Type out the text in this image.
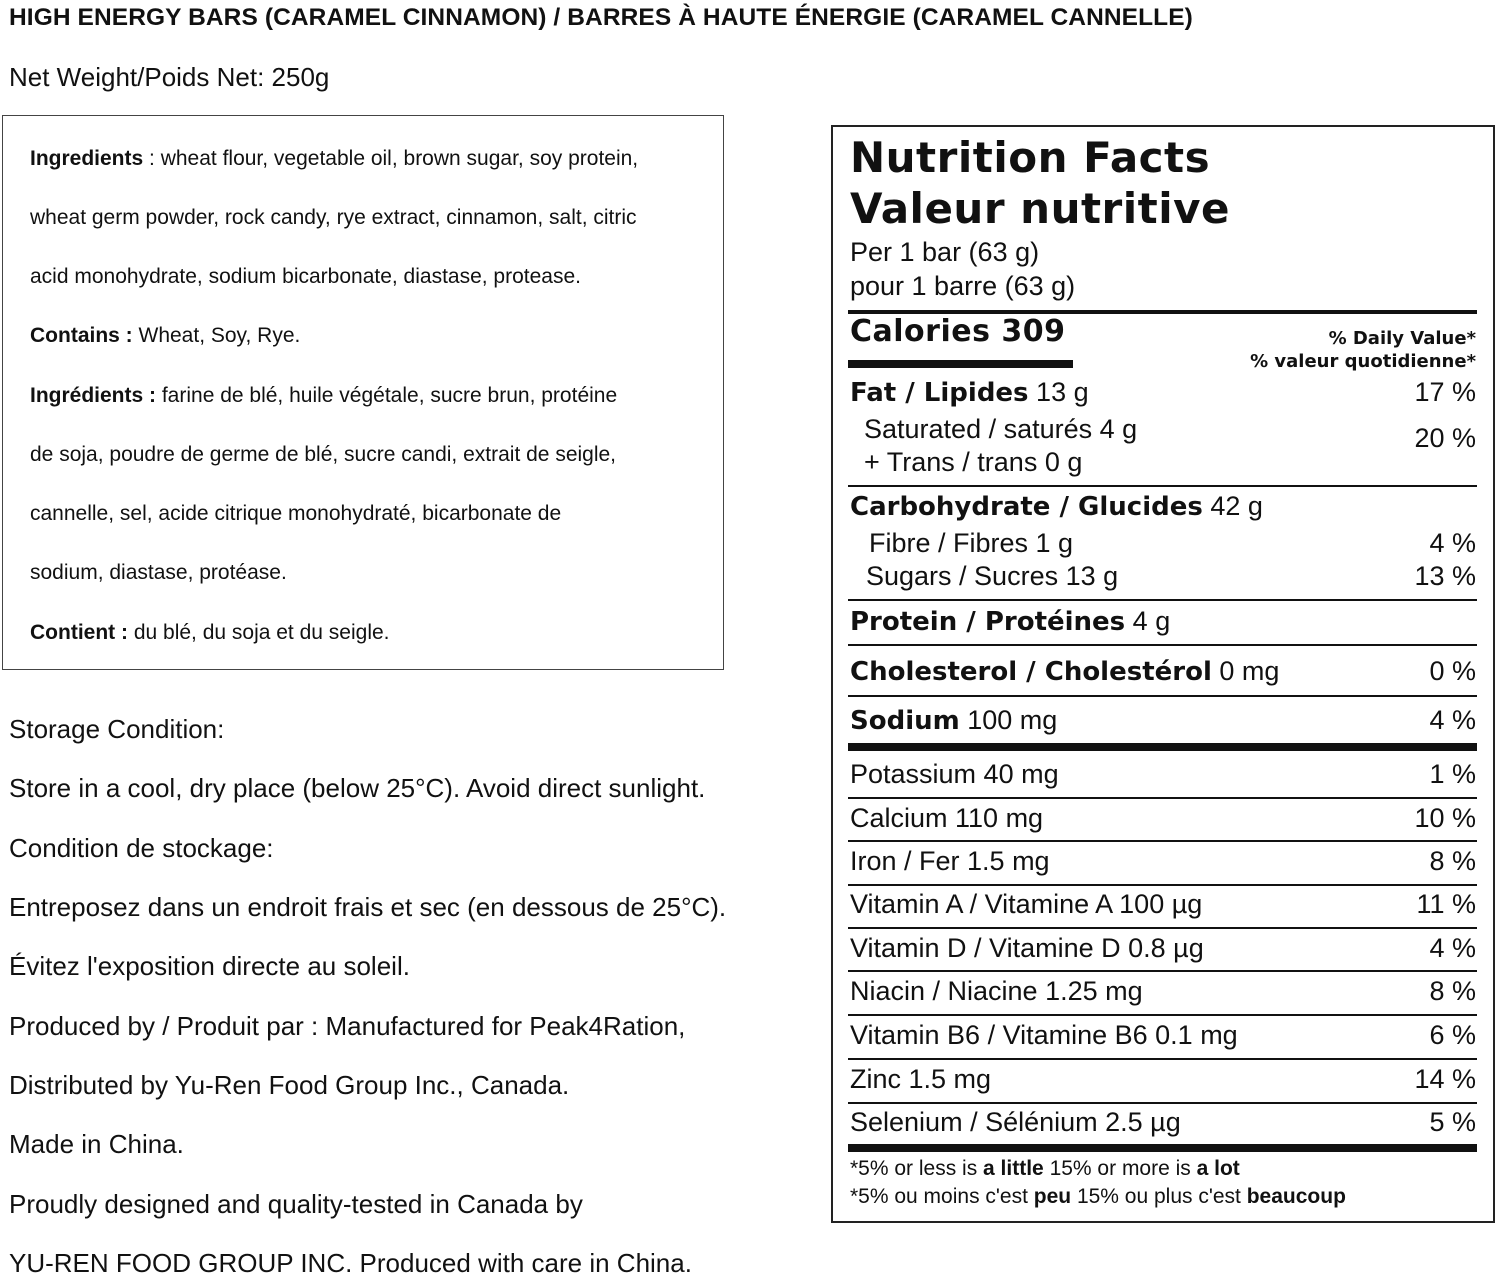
HIGH ENERGY BARS (CARAMEL CINNAMON) / BARRES À HAUTE ÉNERGIE (CARAMEL CANNELLE)
Net Weight/Poids Net: 250g

Ingredients : wheat flour, vegetable oil, brown sugar, soy protein,

wheat germ powder, rock candy, rye extract, cinnamon, salt, citric

acid monohydrate, sodium bicarbonate, diastase, protease.

Contains : Wheat, Soy, Rye.

Ingrédients : farine de blé, huile végétale, sucre brun, protéine

de soja, poudre de germe de blé, sucre candi, extrait de seigle,

cannelle, sel, acide citrique monohydraté, bicarbonate de

sodium, diastase, protéase.

Contient : du blé, du soja et du seigle.

Storage Condition:

Store in a cool, dry place (below 25°C). Avoid direct sunlight.

Condition de stockage:

Entreposez dans un endroit frais et sec (en dessous de 25°C).

Évitez l'exposition directe au soleil.

Produced by / Produit par : Manufactured for Peak4Ration,

Distributed by Yu-Ren Food Group Inc., Canada.

Made in China.

Proudly designed and quality-tested in Canada by

YU-REN FOOD GROUP INC. Produced with care in China.

Nutrition Facts
Valeur nutritive
Per 1 bar (63 g)
pour 1 barre (63 g)
Calories 309	% Daily Value*
% valeur quotidienne*
Fat / Lipides 13 g	17 %
Saturated / saturés 4 g	20 %
+ Trans / trans 0 g
Carbohydrate / Glucides 42 g
Fibre / Fibres 1 g	4 %
Sugars / Sucres 13 g	13 %
Protein / Protéines 4 g
Cholesterol / Cholestérol 0 mg	0 %
Sodium 100 mg	4 %
Potassium 40 mg	1 %
Calcium 110 mg	10 %
Iron / Fer 1.5 mg	8 %
Vitamin A / Vitamine A 100 µg	11 %
Vitamin D / Vitamine D 0.8 µg	4 %
Niacin / Niacine 1.25 mg	8 %
Vitamin B6 / Vitamine B6 0.1 mg	6 %
Zinc 1.5 mg	14 %
Selenium / Sélénium 2.5 µg	5 %
*5% or less is a little 15% or more is a lot
*5% ou moins c'est peu 15% ou plus c'est beaucoup
